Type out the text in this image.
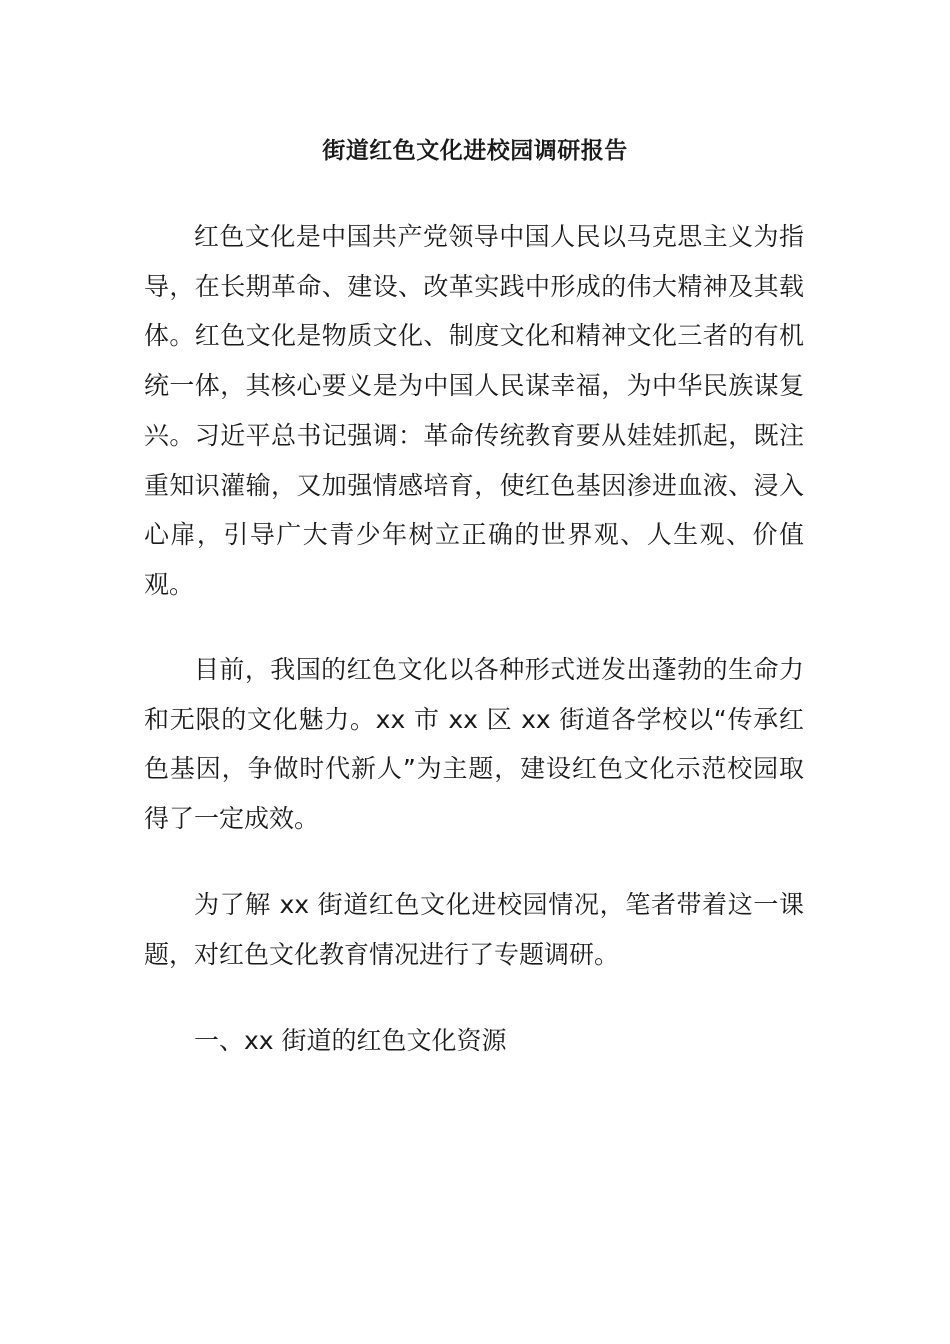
街道红色文化进校园调研报告

红色文化是中国共产党领导中国人民以马克思主义为指导，在长期革命、建设、改革实践中形成的伟大精神及其载体。红色文化是物质文化、制度文化和精神文化三者的有机统一体，其核心要义是为中国人民谋幸福，为中华民族谋复兴。习近平总书记强调：革命传统教育要从娃娃抓起，既注重知识灌输，又加强情感培育，使红色基因渗进血液、浸入心扉，引导广大青少年树立正确的世界观、人生观、价值观。

目前，我国的红色文化以各种形式迸发出蓬勃的生命力和无限的文化魅力。xx 市 xx 区 xx 街道各学校以“传承红色基因，争做时代新人”为主题，建设红色文化示范校园取得了一定成效。

为了解 xx 街道红色文化进校园情况，笔者带着这一课题，对红色文化教育情况进行了专题调研。

一、xx 街道的红色文化资源
